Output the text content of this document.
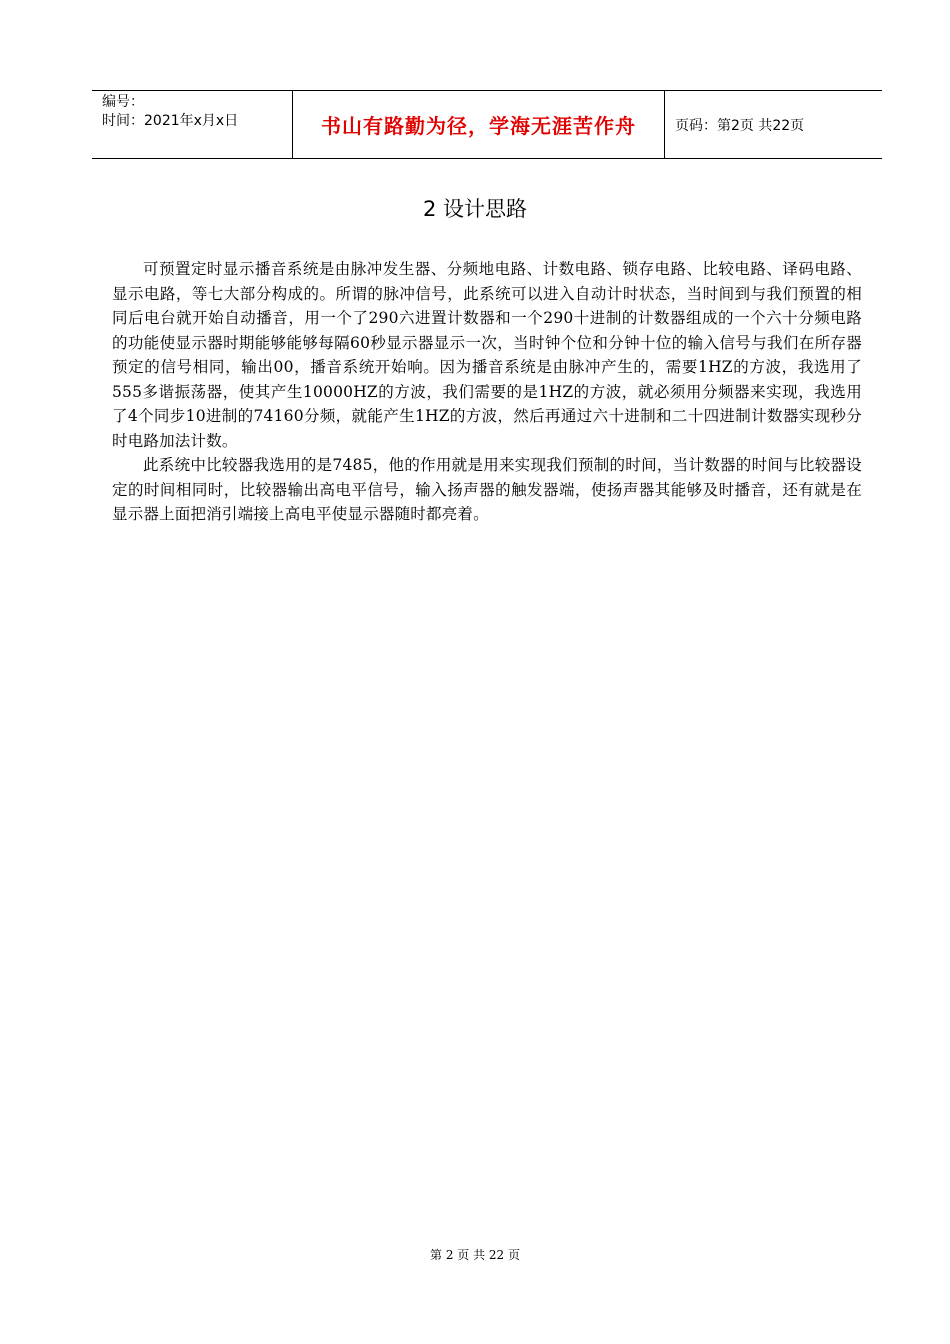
编号：
时间：2021年x月x日	书山有路勤为径，学海无涯苦作舟	页码：第2页 共22页
2 设计思路

可预置定时显示播音系统是由脉冲发生器、分频地电路、计数电路、锁存电路、比较电路、译码电路、显示电路，等七大部分构成的。所谓的脉冲信号，此系统可以进入自动计时状态，当时间到与我们预置的相同后电台就开始自动播音，用一个了290六进置计数器和一个290十进制的计数器组成的一个六十分频电路的功能使显示器时期能够能够每隔60秒显示器显示一次，当时钟个位和分钟十位的输入信号与我们在所存器预定的信号相同，输出00，播音系统开始响。因为播音系统是由脉冲产生的，需要1HZ的方波，我选用了555多谐振荡器，使其产生10000HZ的方波，我们需要的是1HZ的方波，就必须用分频器来实现，我选用了4个同步10进制的74160分频，就能产生1HZ的方波，然后再通过六十进制和二十四进制计数器实现秒分时电路加法计数。

此系统中比较器我选用的是7485，他的作用就是用来实现我们预制的时间，当计数器的时间与比较器设定的时间相同时，比较器输出高电平信号，输入扬声器的触发器端，使扬声器其能够及时播音，还有就是在显示器上面把消引端接上高电平使显示器随时都亮着。

第 2 页 共 22 页
